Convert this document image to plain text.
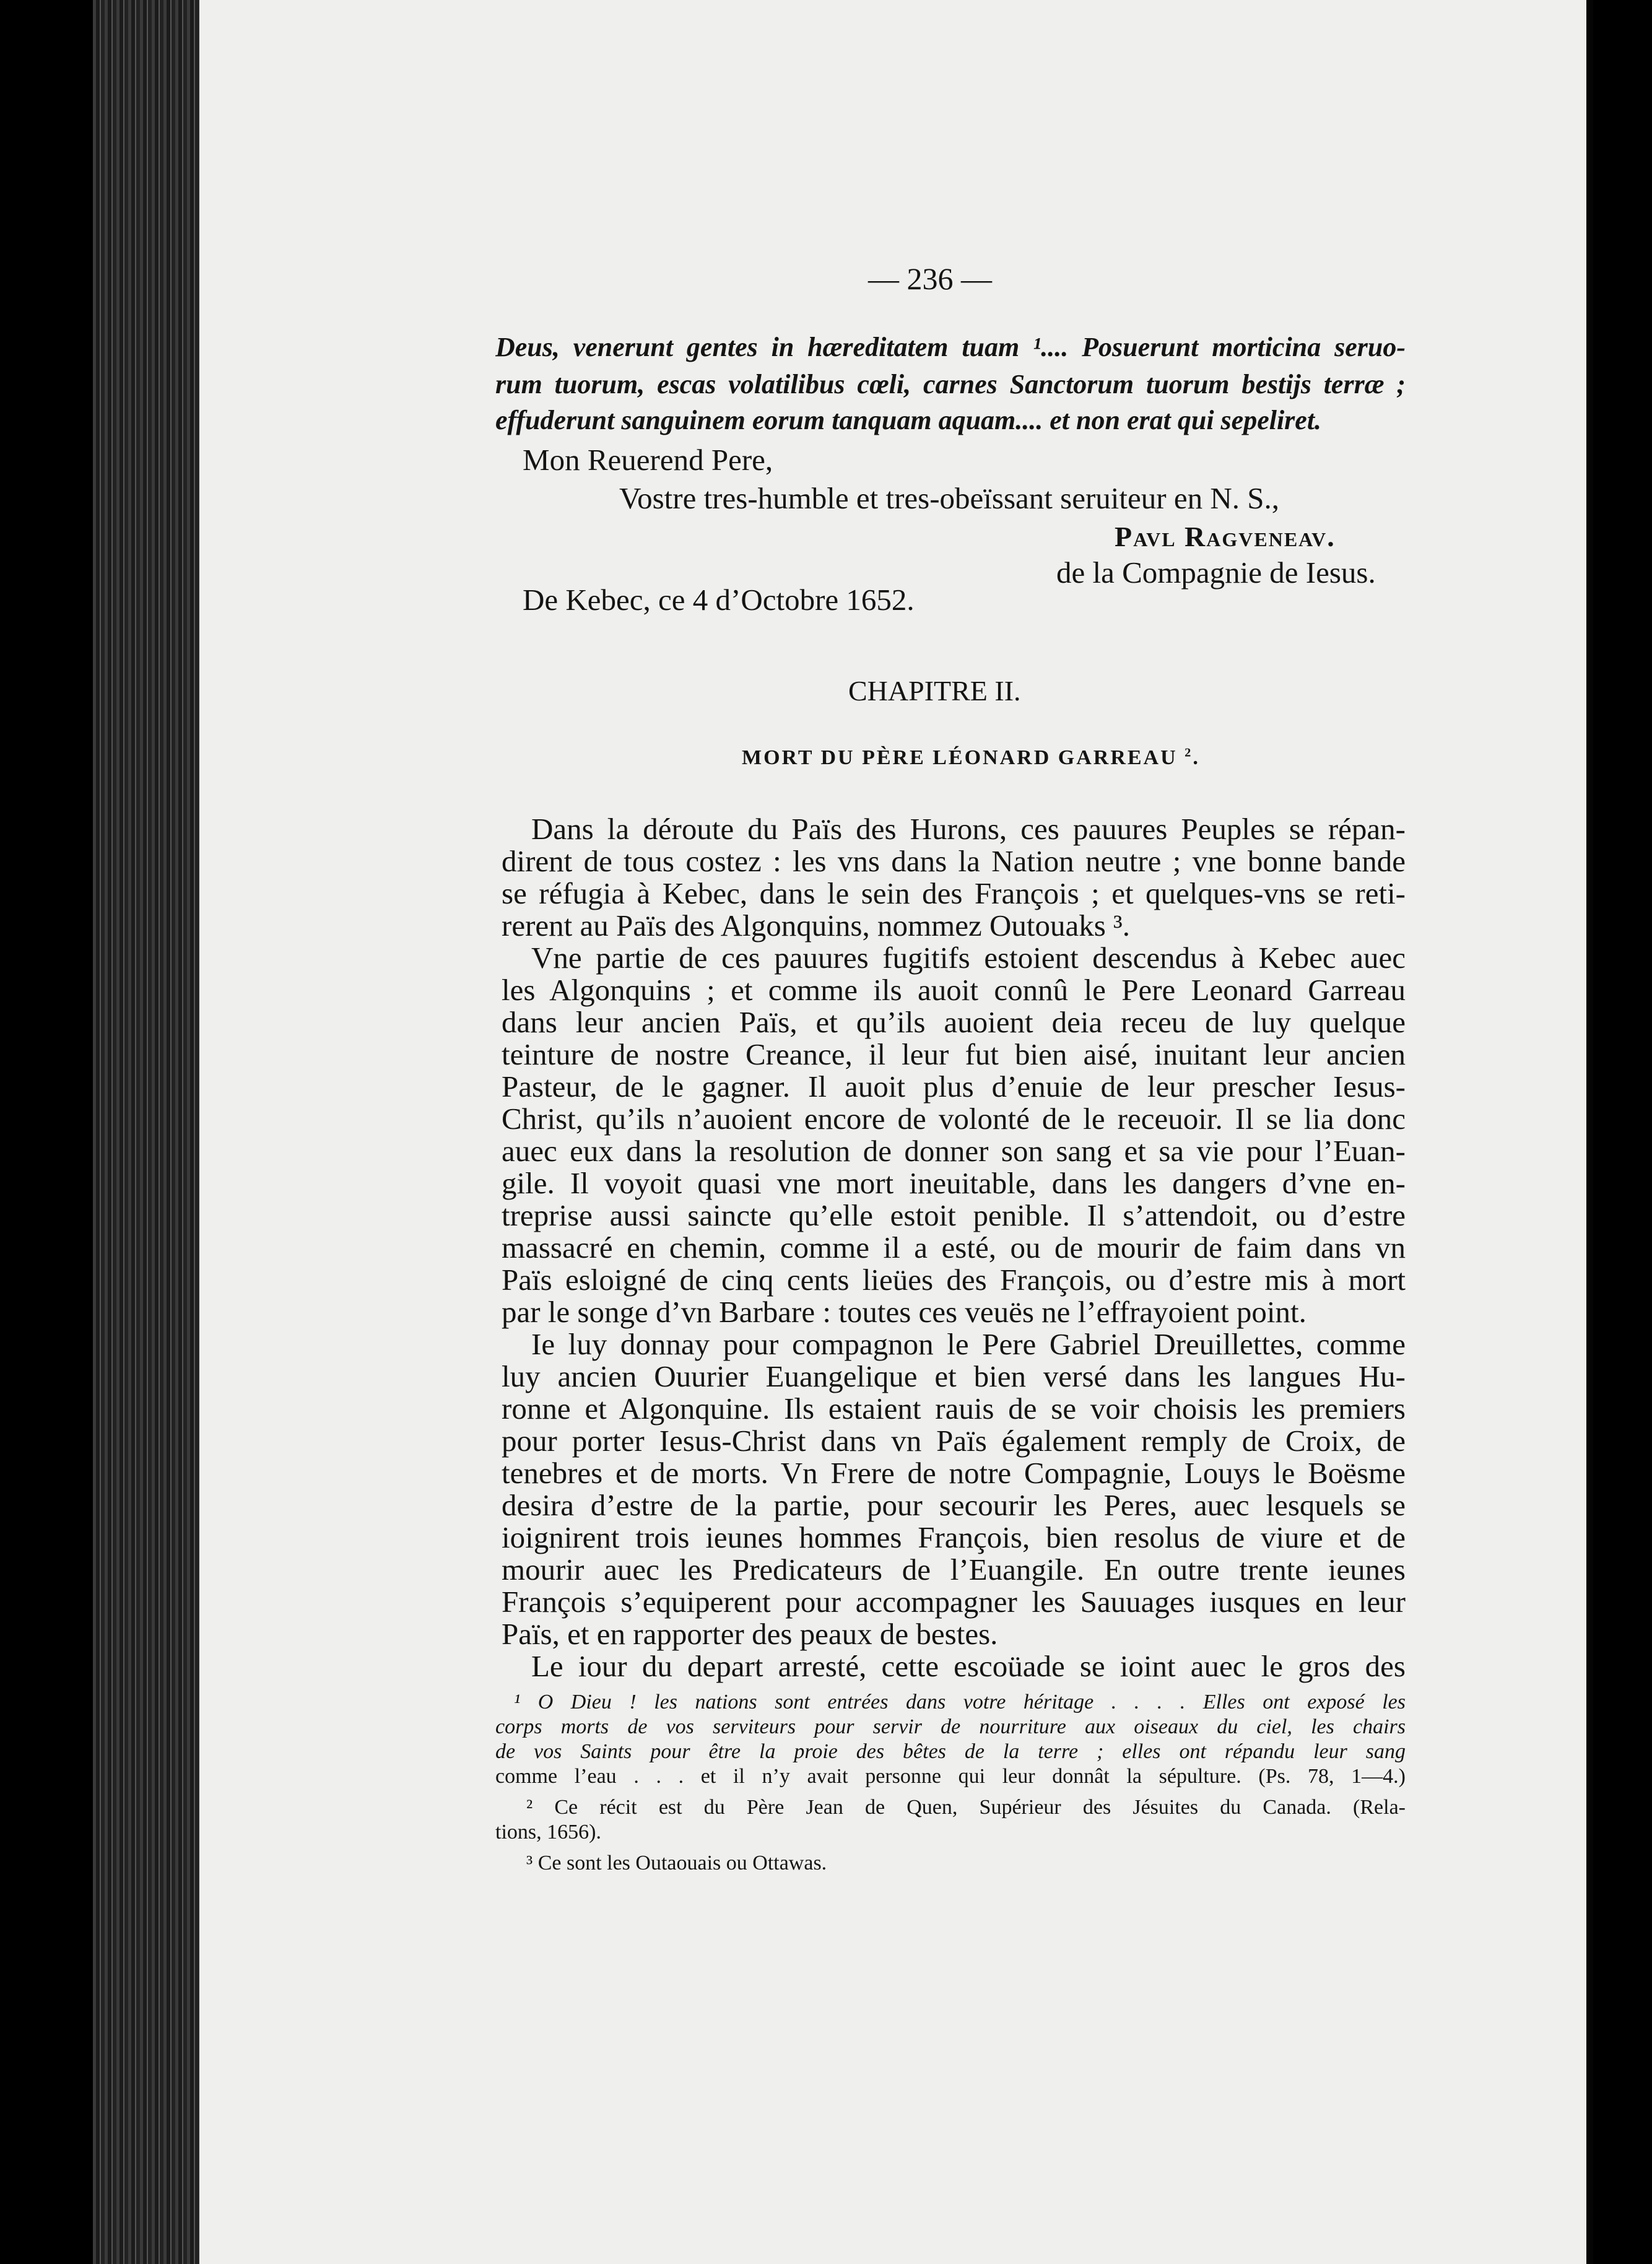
— 236 —

Deus, venerunt gentes in hæreditatem tuam ¹.... Posuerunt morticina seruo-

rum tuorum, escas volatilibus cœli, carnes Sanctorum tuorum bestijs terræ ;

effuderunt sanguinem eorum tanquam aquam.... et non erat qui sepeliret.

Mon Reuerend Pere,

Vostre tres-humble et tres-obeïssant seruiteur en N. S.,

Pavl Ragveneav.

de la Compagnie de Iesus.

De Kebec, ce 4 d’Octobre 1652.

CHAPITRE II.

MORT DU PÈRE LÉONARD GARREAU $^2$.

Dans la déroute du Païs des Hurons, ces pauures Peuples se répan-

dirent de tous costez : les vns dans la Nation neutre ; vne bonne bande

se réfugia à Kebec, dans le sein des François ; et quelques-vns se reti-

rerent au Païs des Algonquins, nommez Outouaks ³.

Vne partie de ces pauures fugitifs estoient descendus à Kebec auec

les Algonquins ; et comme ils auoit connû le Pere Leonard Garreau

dans leur ancien Païs, et qu’ils auoient deia receu de luy quelque

teinture de nostre Creance, il leur fut bien aisé, inuitant leur ancien

Pasteur, de le gagner. Il auoit plus d’enuie de leur prescher Iesus-

Christ, qu’ils n’auoient encore de volonté de le receuoir. Il se lia donc

auec eux dans la resolution de donner son sang et sa vie pour l’Euan-

gile. Il voyoit quasi vne mort ineuitable, dans les dangers d’vne en-

treprise aussi saincte qu’elle estoit penible. Il s’attendoit, ou d’estre

massacré en chemin, comme il a esté, ou de mourir de faim dans vn

Païs esloigné de cinq cents lieües des François, ou d’estre mis à mort

par le songe d’vn Barbare : toutes ces veuës ne l’effrayoient point.

Ie luy donnay pour compagnon le Pere Gabriel Dreuillettes, comme

luy ancien Ouurier Euangelique et bien versé dans les langues Hu-

ronne et Algonquine. Ils estaient rauis de se voir choisis les premiers

pour porter Iesus-Christ dans vn Païs également remply de Croix, de

tenebres et de morts. Vn Frere de notre Compagnie, Louys le Boësme

desira d’estre de la partie, pour secourir les Peres, auec lesquels se

ioignirent trois ieunes hommes François, bien resolus de viure et de

mourir auec les Predicateurs de l’Euangile. En outre trente ieunes

François s’equiperent pour accompagner les Sauuages iusques en leur

Païs, et en rapporter des peaux de bestes.

Le iour du depart arresté, cette escoüade se ioint auec le gros des

¹ O Dieu ! les nations sont entrées dans votre héritage . . . . Elles ont exposé les

corps morts de vos serviteurs pour servir de nourriture aux oiseaux du ciel, les chairs

de vos Saints pour être la proie des bêtes de la terre ; elles ont répandu leur sang

comme l’eau . . . et il n’y avait personne qui leur donnât la sépulture. (Ps. 78, 1—4.)

² Ce récit est du Père Jean de Quen, Supérieur des Jésuites du Canada. (Rela-

tions, 1656).

³ Ce sont les Outaouais ou Ottawas.
